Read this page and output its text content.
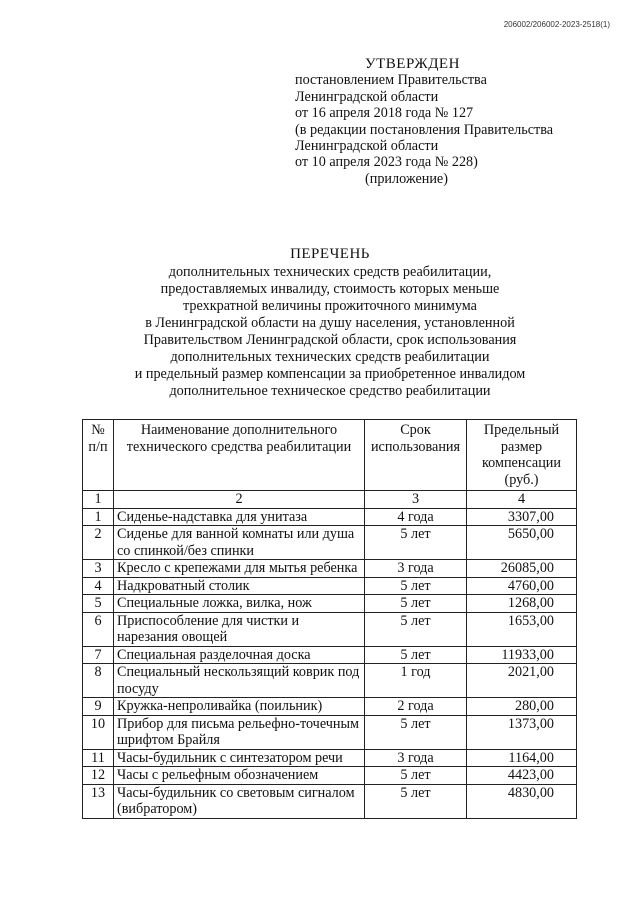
206002/206002-2023-2518(1)
УТВЕРЖДЕН
постановлением Правительства
Ленинградской области
от 16 апреля 2018 года № 127
(в редакции постановления Правительства
Ленинградской области
от 10 апреля 2023 года № 228)
(приложение)
ПЕРЕЧЕНЬ
дополнительных технических средств реабилитации,
предоставляемых инвалиду, стоимость которых меньше
трехкратной величины прожиточного минимума
в Ленинградской области на душу населения, установленной
Правительством Ленинградской области, срок использования
дополнительных технических средств реабилитации
и предельный размер компенсации за приобретенное инвалидом
дополнительное техническое средство реабилитации
№ п/п	Наименование дополнительного технического средства реабилитации	Срок использования	Предельный размер компенсации (руб.)
1	2	3	4
1	Сиденье-надставка для унитаза	4 года	3307,00
2	Сиденье для ванной комнаты или душа со спинкой/без спинки	5 лет	5650,00
3	Кресло с крепежами для мытья ребенка	3 года	26085,00
4	Надкроватный столик	5 лет	4760,00
5	Специальные ложка, вилка, нож	5 лет	1268,00
6	Приспособление для чистки и нарезания овощей	5 лет	1653,00
7	Специальная разделочная доска	5 лет	11933,00
8	Специальный нескользящий коврик под посуду	1 год	2021,00
9	Кружка-непроливайка (поильник)	2 года	280,00
10	Прибор для письма рельефно-точечным шрифтом Брайля	5 лет	1373,00
11	Часы-будильник с синтезатором речи	3 года	1164,00
12	Часы с рельефным обозначением	5 лет	4423,00
13	Часы-будильник со световым сигналом (вибратором)	5 лет	4830,00
